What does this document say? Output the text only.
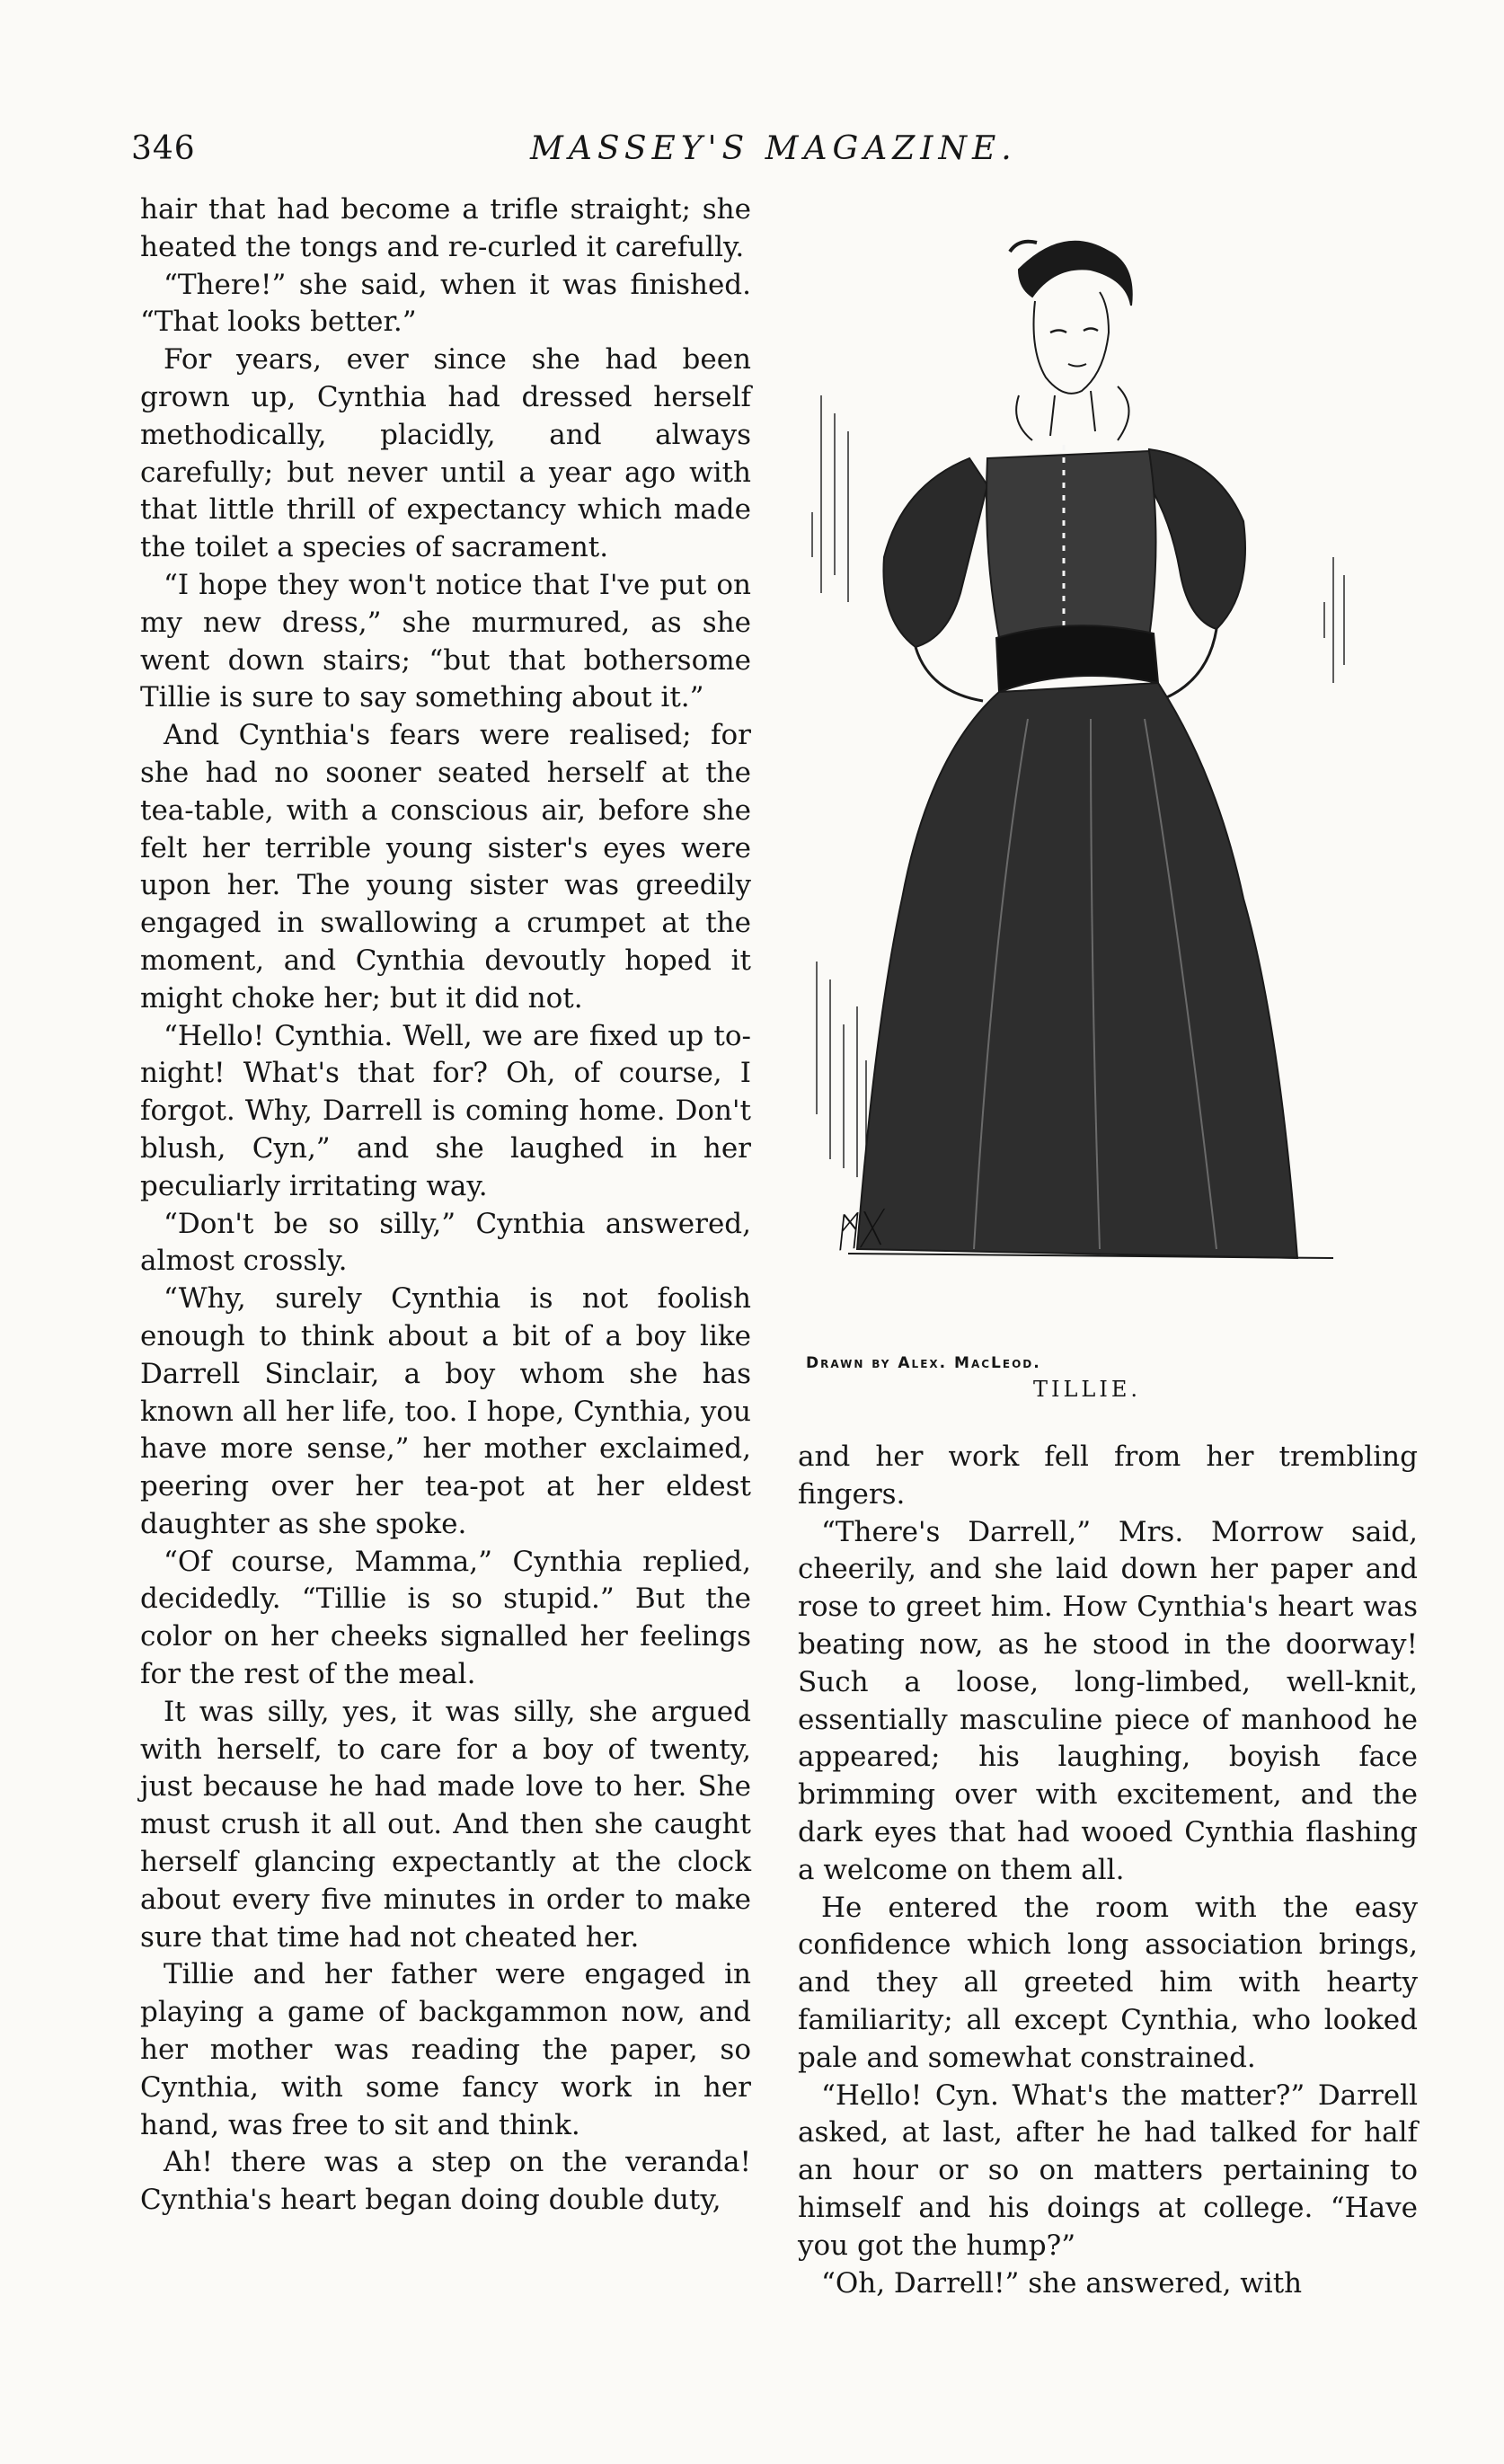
346	MASSEY'S MAGAZINE.

hair that had become a trifle straight; she heated the tongs and re-curled it carefully.

“There!” she said, when it was finished. “That looks better.”

For years, ever since she had been grown up, Cynthia had dressed herself methodically, placidly, and always carefully; but never until a year ago with that little thrill of expectancy which made the toilet a species of sacrament.

“I hope they won't notice that I've put on my new dress,” she murmured, as she went down stairs; “but that bothersome Tillie is sure to say something about it.”

And Cynthia's fears were realised; for she had no sooner seated herself at the tea-table, with a conscious air, before she felt her terrible young sister's eyes were upon her. The young sister was greedily engaged in swallowing a crumpet at the moment, and Cynthia devoutly hoped it might choke her; but it did not.

“Hello! Cynthia. Well, we are fixed up to-night! What's that for? Oh, of course, I forgot. Why, Darrell is coming home. Don't blush, Cyn,” and she laughed in her peculiarly irritating way.

“Don't be so silly,” Cynthia answered, almost crossly.

“Why, surely Cynthia is not foolish enough to think about a bit of a boy like Darrell Sinclair, a boy whom she has known all her life, too. I hope, Cynthia, you have more sense,” her mother exclaimed, peering over her tea-pot at her eldest daughter as she spoke.

“Of course, Mamma,” Cynthia replied, decidedly. “Tillie is so stupid.” But the color on her cheeks signalled her feelings for the rest of the meal.

It was silly, yes, it was silly, she argued with herself, to care for a boy of twenty, just because he had made love to her. She must crush it all out. And then she caught herself glancing expectantly at the clock about every five minutes in order to make sure that time had not cheated her.

Tillie and her father were engaged in playing a game of backgammon now, and her mother was reading the paper, so Cynthia, with some fancy work in her hand, was free to sit and think.

Ah! there was a step on the veranda! Cynthia's heart began doing double duty,

ᛗᚷ
Drawn by Alex. MacLeod.
TILLIE.

and her work fell from her trembling fingers.

“There's Darrell,” Mrs. Morrow said, cheerily, and she laid down her paper and rose to greet him. How Cynthia's heart was beating now, as he stood in the doorway! Such a loose, long-limbed, well-knit, essentially masculine piece of manhood he appeared; his laughing, boyish face brimming over with excitement, and the dark eyes that had wooed Cynthia flashing a welcome on them all.

He entered the room with the easy confidence which long association brings, and they all greeted him with hearty familiarity; all except Cynthia, who looked pale and somewhat constrained.

“Hello! Cyn. What's the matter?” Darrell asked, at last, after he had talked for half an hour or so on matters pertaining to himself and his doings at college. “Have you got the hump?”

“Oh, Darrell!” she answered, with
